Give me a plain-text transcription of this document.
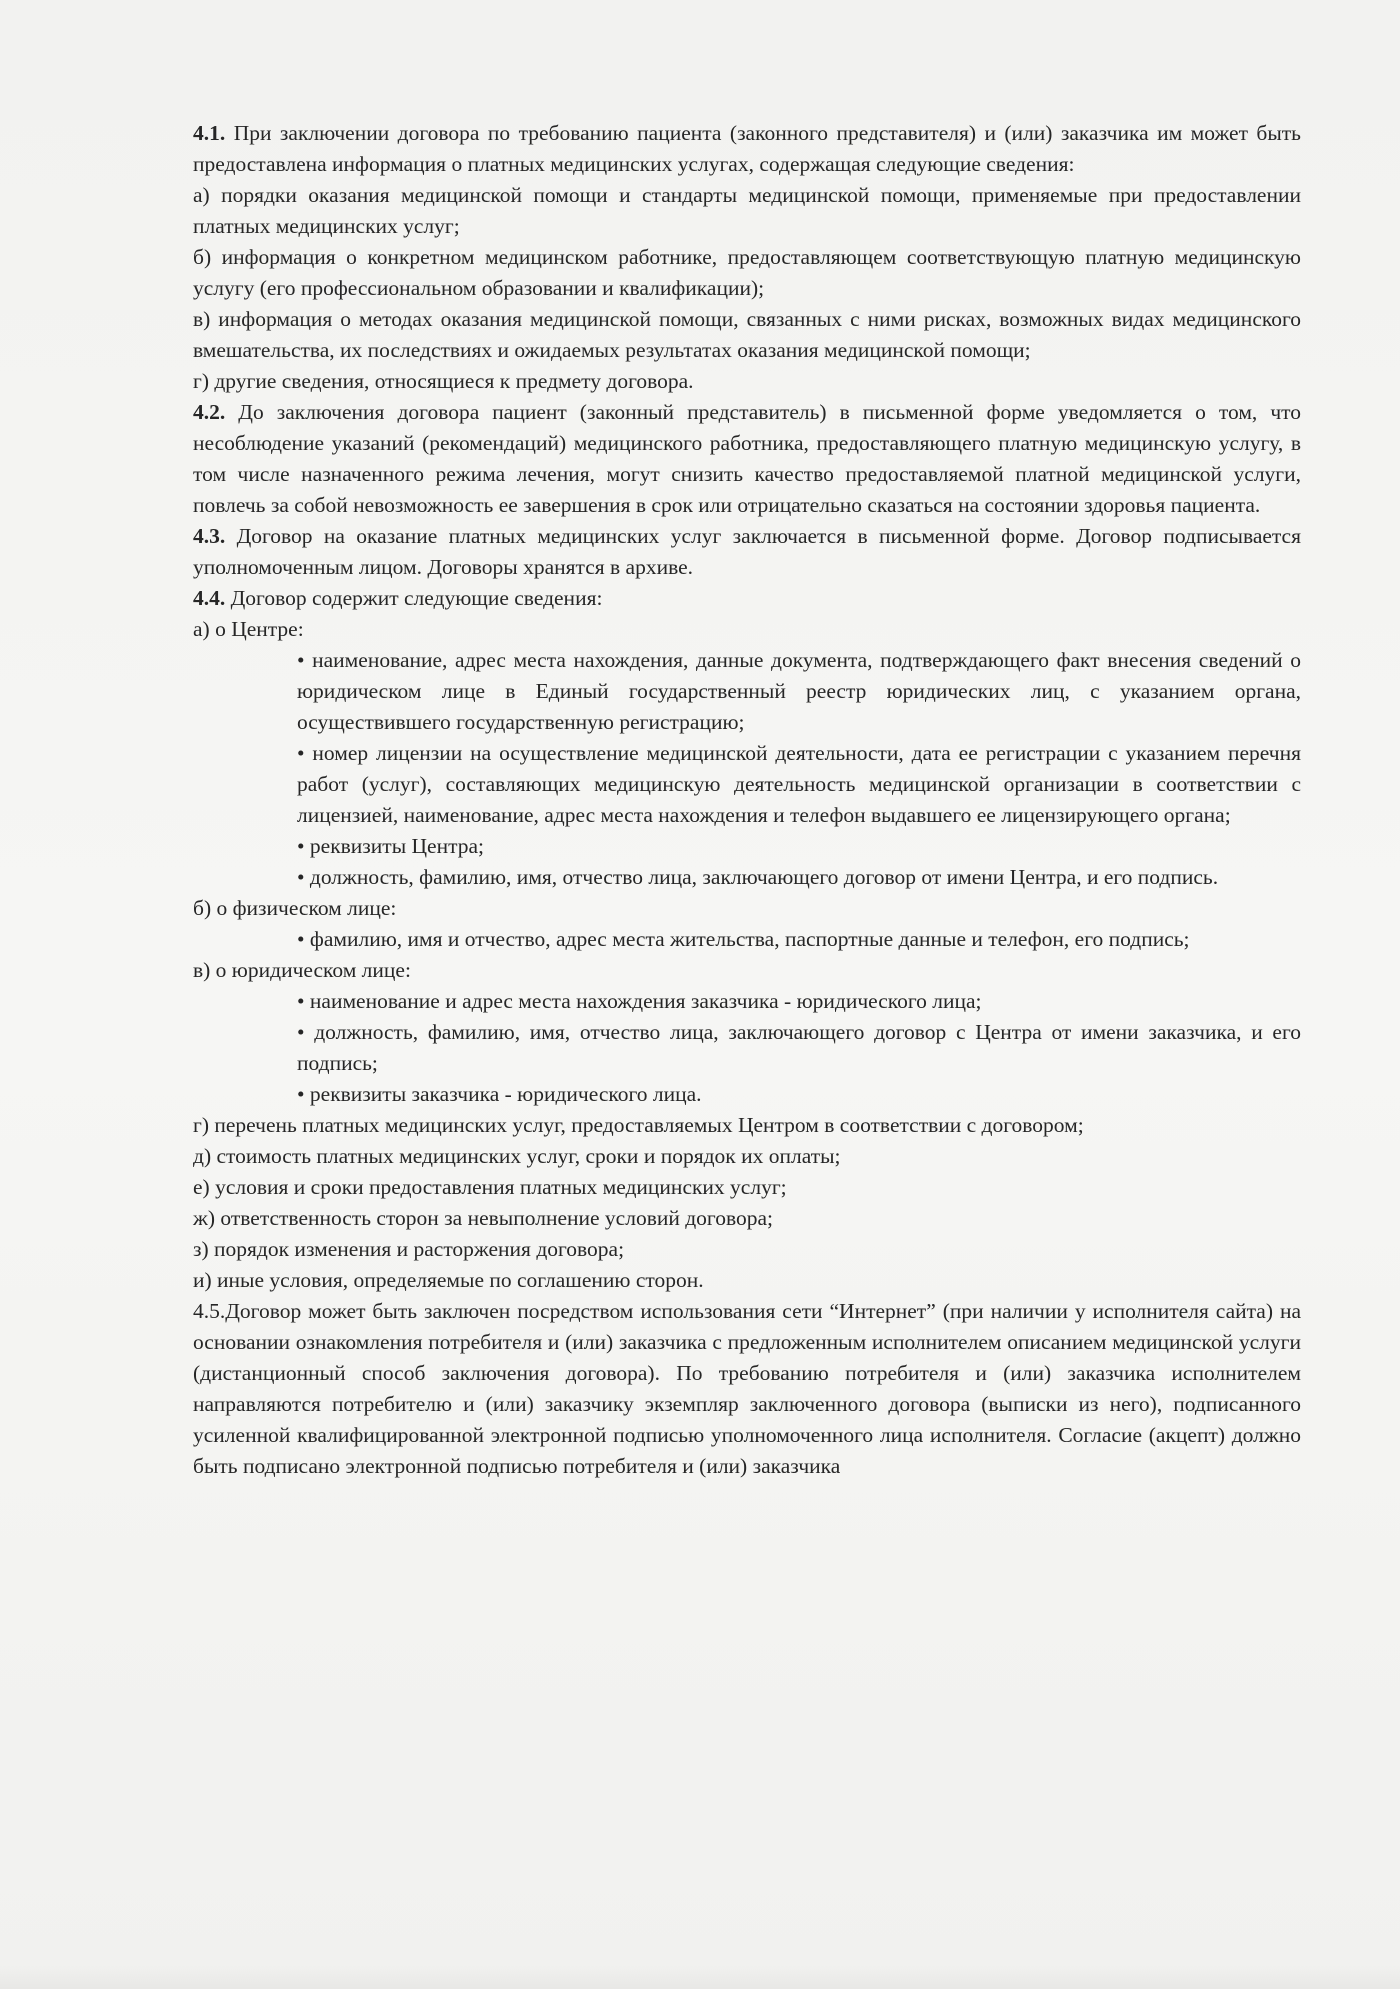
4.1. При заключении договора по требованию пациента (законного представителя) и (или) заказчика им может быть предоставлена информация о платных медицинских услугах, содержащая следующие сведения:

а) порядки оказания медицинской помощи и стандарты медицинской помощи, применяемые при предоставлении платных медицинских услуг;

б) информация о конкретном медицинском работнике, предоставляющем соответствующую платную медицинскую услугу (его профессиональном образовании и квалификации);

в) информация о методах оказания медицинской помощи, связанных с ними рисках, возможных видах медицинского вмешательства, их последствиях и ожидаемых результатах оказания медицинской помощи;

г) другие сведения, относящиеся к предмету договора.

4.2. До заключения договора пациент (законный представитель) в письменной форме уведомляется о том, что несоблюдение указаний (рекомендаций) медицинского работника, предоставляющего платную медицинскую услугу, в том числе назначенного режима лечения, могут снизить качество предоставляемой платной медицинской услуги, повлечь за собой невозможность ее завершения в срок или отрицательно сказаться на состоянии здоровья пациента.

4.3. Договор на оказание платных медицинских услуг заключается в письменной форме. Договор подписывается уполномоченным лицом. Договоры хранятся в архиве.

4.4. Договор содержит следующие сведения:

а) о Центре:

• наименование, адрес места нахождения, данные документа, подтверждающего факт внесения сведений о юридическом лице в Единый государственный реестр юридических лиц, с указанием органа, осуществившего государственную регистрацию;

• номер лицензии на осуществление медицинской деятельности, дата ее регистрации с указанием перечня работ (услуг), составляющих медицинскую деятельность медицинской организации в соответствии с лицензией, наименование, адрес места нахождения и телефон выдавшего ее лицензирующего органа;

• реквизиты Центра;

• должность, фамилию, имя, отчество лица, заключающего договор от имени Центра, и его подпись.

б) о физическом лице:

• фамилию, имя и отчество, адрес места жительства, паспортные данные и телефон, его подпись;

в) о юридическом лице:

• наименование и адрес места нахождения заказчика - юридического лица;

• должность, фамилию, имя, отчество лица, заключающего договор с Центра от имени заказчика, и его подпись;

• реквизиты заказчика - юридического лица.

г) перечень платных медицинских услуг, предоставляемых Центром в соответствии с договором;

д) стоимость платных медицинских услуг, сроки и порядок их оплаты;

е) условия и сроки предоставления платных медицинских услуг;

ж) ответственность сторон за невыполнение условий договора;

з) порядок изменения и расторжения договора;

и) иные условия, определяемые по соглашению сторон.

4.5.Договор может быть заключен посредством использования сети “Интернет” (при наличии у исполнителя сайта) на основании ознакомления потребителя и (или) заказчика с предложенным исполнителем описанием медицинской услуги (дистанционный способ заключения договора). По требованию потребителя и (или) заказчика исполнителем направляются потребителю и (или) заказчику экземпляр заключенного договора (выписки из него), подписанного усиленной квалифицированной электронной подписью уполномоченного лица исполнителя. Согласие (акцепт) должно быть подписано электронной подписью потребителя и (или) заказчика
